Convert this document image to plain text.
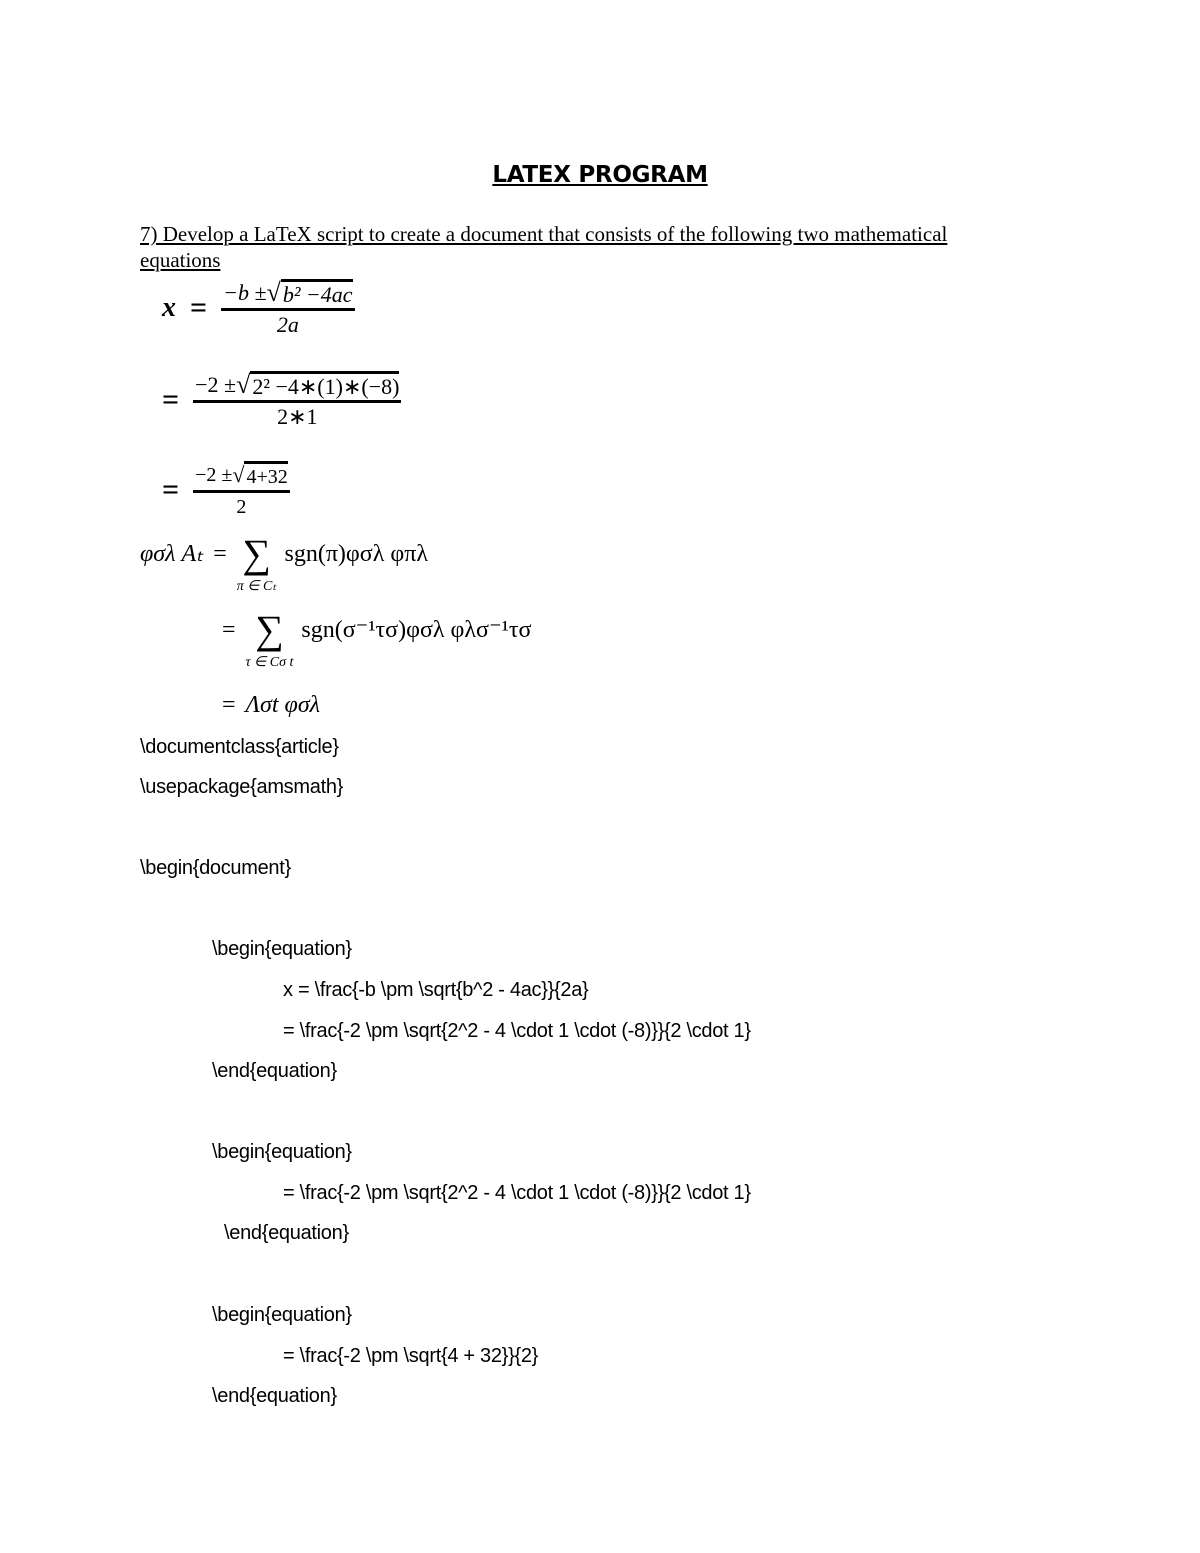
LATEX PROGRAM
7) Develop a LaTeX script to create a document that consists of the following two mathematical
equations
$x = \frac{\text{−b ± √ b² −4ac}}{2a}$
= $\frac{\text{−2 ± √ 2² −4∗(1)∗(−8)}}{2∗1}$
= $\frac{-2 \pm √ 4+32}{2}$
φσλ Aₜ = ∑
π ∈ Cₜ
sgn(π)φσλ φπλ
= ∑
τ ∈ Cσ t
sgn(σ⁻¹τσ)φσλ φλσ⁻¹τσ
= Λσt φσλ
\documentclass{article}
\usepackage{amsmath}
\begin{document}
\begin{equation}
x = \frac{-b \pm \sqrt{b^2 - 4ac}}{2a}
= \frac{-2 \pm \sqrt{2^2 - 4 \cdot 1 \cdot (-8)}}{2 \cdot 1}
\end{equation}
\begin{equation}
= \frac{-2 \pm \sqrt{2^2 - 4 \cdot 1 \cdot (-8)}}{2 \cdot 1}
\end{equation}
\begin{equation}
= \frac{-2 \pm \sqrt{4 + 32}}{2}
\end{equation}
